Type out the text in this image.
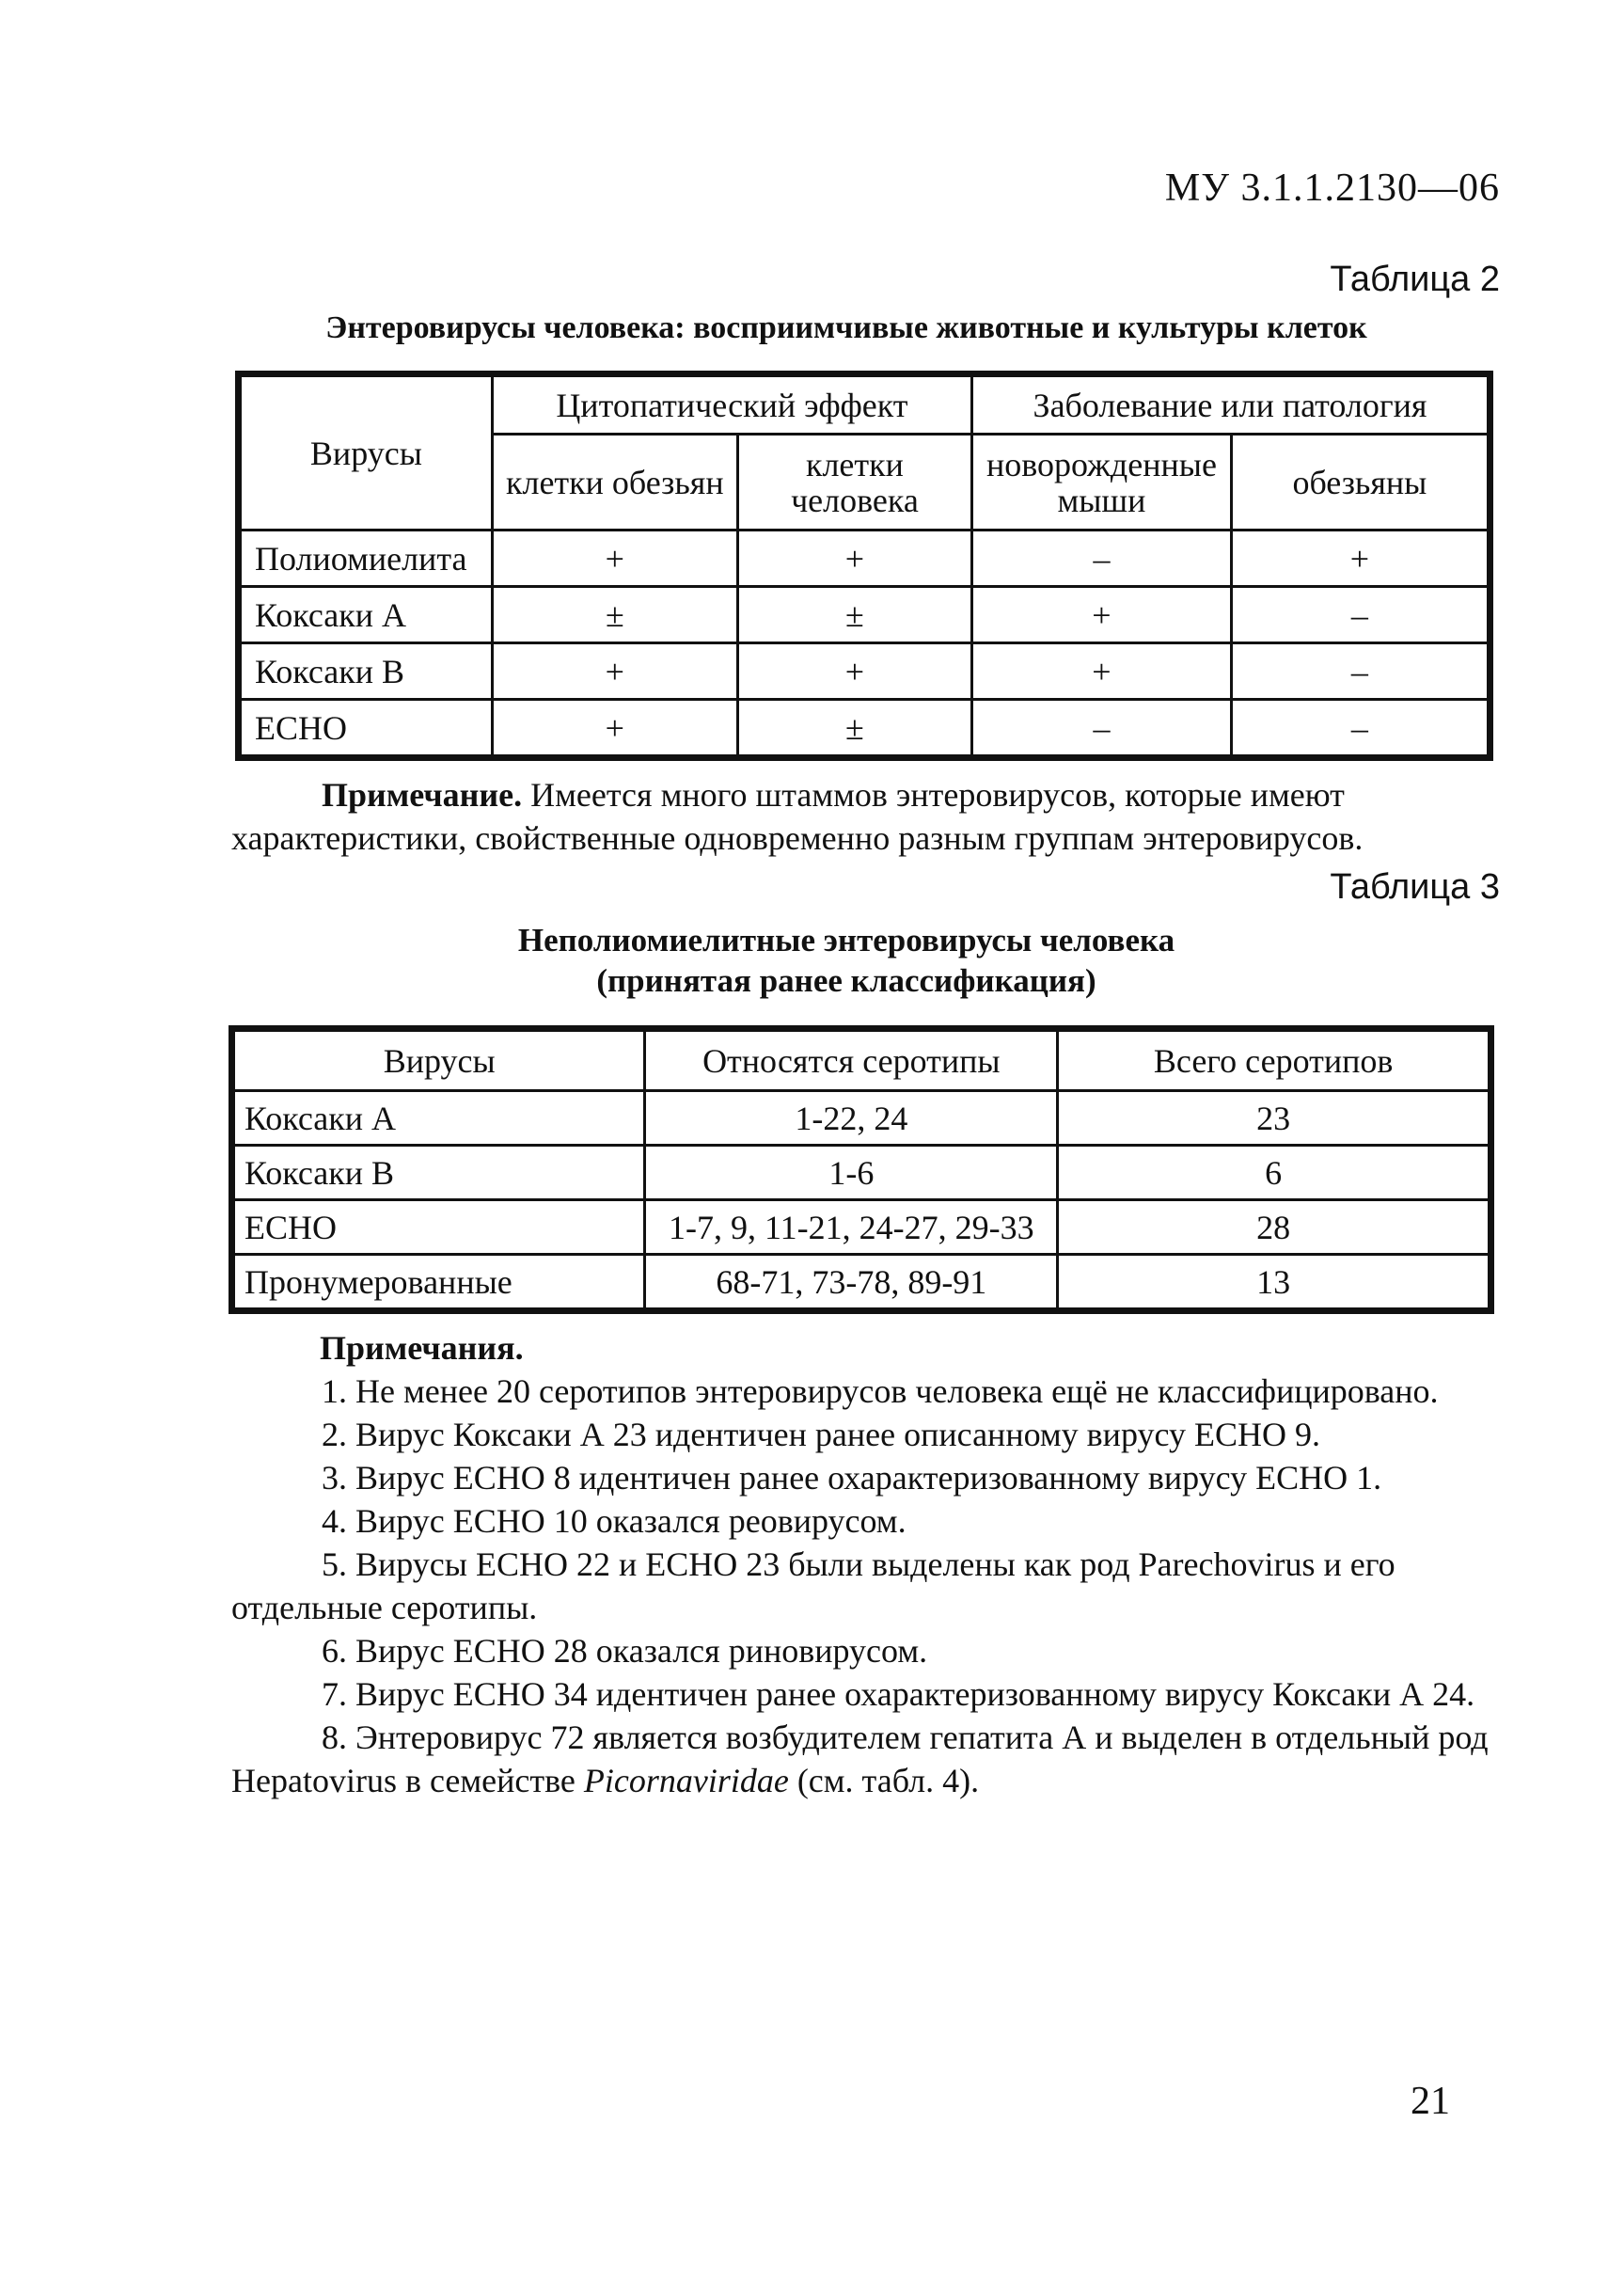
МУ 3.1.1.2130—06
Таблица 2
Энтеровирусы человека: восприимчивые животные и культуры клеток
Вирусы	Цитопатический эффект		Заболевание или патология	
	клетки обезьян	клетки человека	новорожденные мыши	обезьяны
Полиомиелита	+	+	–	+
Коксаки А	±	±	+	–
Коксаки В	+	+	+	–
ЕСНО	+	±	–	–

Примечание. Имеется много штаммов энтеровирусов, которые имеют характеристики, свойственные одновременно разным группам энтеровирусов.

Таблица 3
Неполиомиелитные энтеровирусы человека
(принятая ранее классификация)
Вирусы	Относятся серотипы	Всего серотипов
Коксаки А	1-22, 24	23
Коксаки В	1-6	6
ЕСНО	1-7, 9, 11-21, 24-27, 29-33	28
Пронумерованные	68-71, 73-78, 89-91	13
Примечания.

1. Не менее 20 серотипов энтеровирусов человека ещё не классифицировано.

2. Вирус Коксаки А 23 идентичен ранее описанному вирусу ЕСНО 9.

3. Вирус ЕСНО 8 идентичен ранее охарактеризованному вирусу ЕСНО 1.

4. Вирус ЕСНО 10 оказался реовирусом.

5. Вирусы ЕСНО 22 и ЕСНО 23 были выделены как род Parechovirus и его отдельные серотипы.

6. Вирус ЕСНО 28 оказался риновирусом.

7. Вирус ЕСНО 34 идентичен ранее охарактеризованному вирусу Коксаки А 24.

8. Энтеровирус 72 является возбудителем гепатита А и выделен в отдельный род Hepatovirus в семействе Picornaviridae (см. табл. 4).

21
